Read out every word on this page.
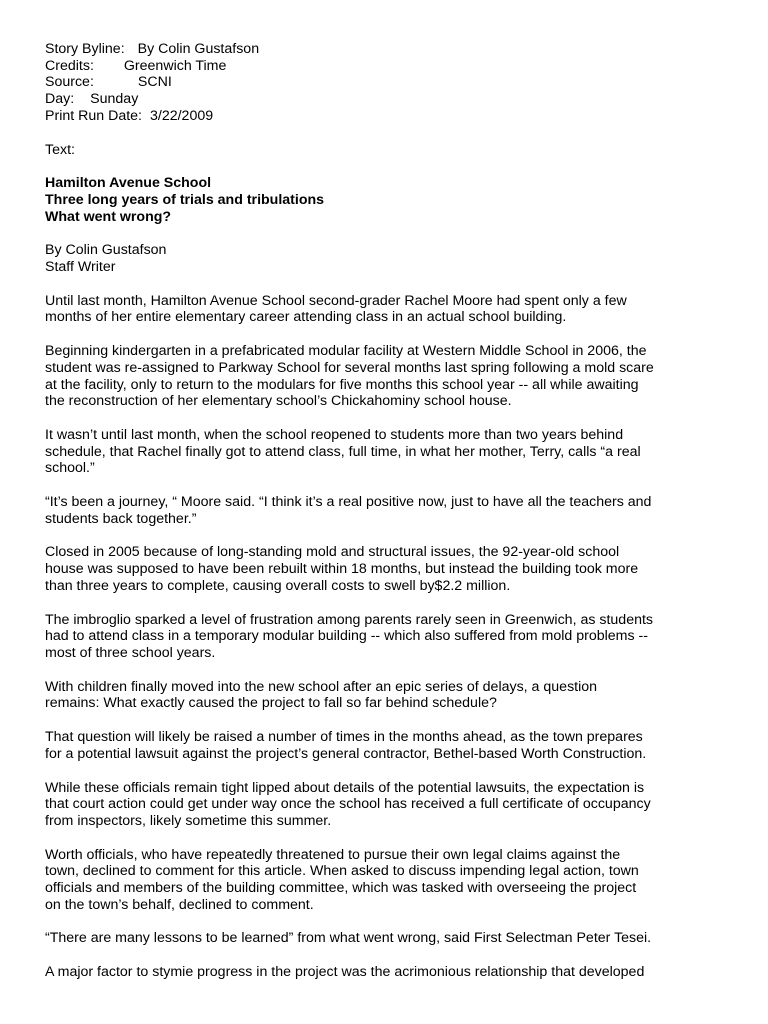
Story Byline: By Colin Gustafson
Credits: Greenwich Time
Source:	SCNI
Day: Sunday
Print Run Date: 3/22/2009
Text:
Hamilton Avenue School
Three long years of trials and tribulations
What went wrong?
By Colin Gustafson
Staff Writer
Until last month, Hamilton Avenue School second-grader Rachel Moore had spent only a few
months of her entire elementary career attending class in an actual school building.
Beginning kindergarten in a prefabricated modular facility at Western Middle School in 2006, the
student was re-assigned to Parkway School for several months last spring following a mold scare
at the facility, only to return to the modulars for five months this school year -- all while awaiting
the reconstruction of her elementary school’s Chickahominy school house.
It wasn’t until last month, when the school reopened to students more than two years behind
schedule, that Rachel finally got to attend class, full time, in what her mother, Terry, calls “a real
school.”
“It’s been a journey, “ Moore said. “I think it’s a real positive now, just to have all the teachers and
students back together.”
Closed in 2005 because of long-standing mold and structural issues, the 92-year-old school
house was supposed to have been rebuilt within 18 months, but instead the building took more
than three years to complete, causing overall costs to swell by$2.2 million.
The imbroglio sparked a level of frustration among parents rarely seen in Greenwich, as students
had to attend class in a temporary modular building -- which also suffered from mold problems --
most of three school years.
With children finally moved into the new school after an epic series of delays, a question
remains: What exactly caused the project to fall so far behind schedule?
That question will likely be raised a number of times in the months ahead, as the town prepares
for a potential lawsuit against the project’s general contractor, Bethel-based Worth Construction.
While these officials remain tight lipped about details of the potential lawsuits, the expectation is
that court action could get under way once the school has received a full certificate of occupancy
from inspectors, likely sometime this summer.
Worth officials, who have repeatedly threatened to pursue their own legal claims against the
town, declined to comment for this article. When asked to discuss impending legal action, town
officials and members of the building committee, which was tasked with overseeing the project
on the town’s behalf, declined to comment.
“There are many lessons to be learned” from what went wrong, said First Selectman Peter Tesei.
A major factor to stymie progress in the project was the acrimonious relationship that developed
